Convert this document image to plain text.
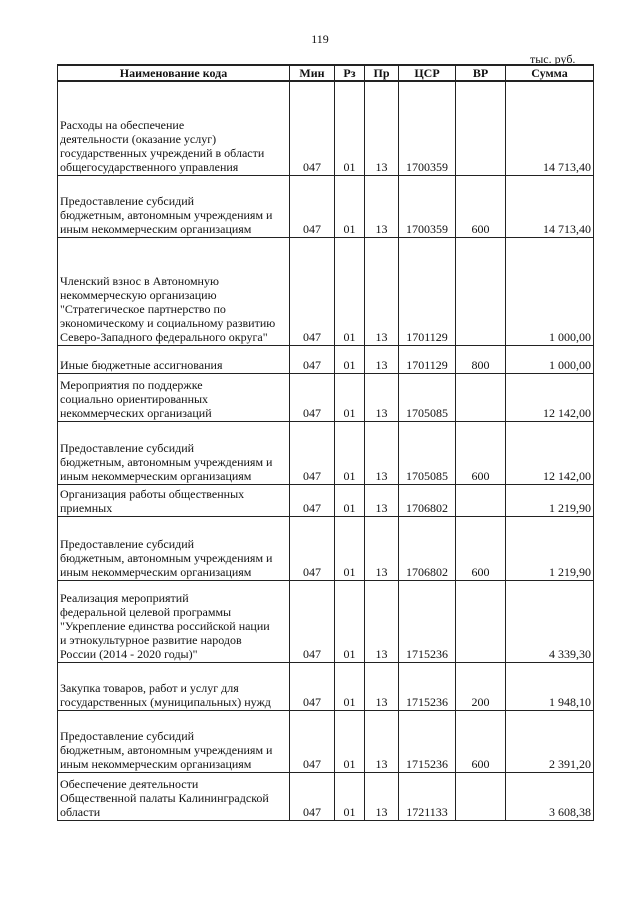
119
тыс. руб.
Наименование кода	Мин	Рз	Пр	ЦСР	ВР	Сумма
Расходы на обеспечение
деятельности (оказание услуг)
государственных учреждений в области
общегосударственного управления	047	01	13	1700359		14 713,40
Предоставление субсидий
бюджетным, автономным учреждениям и
иным некоммерческим организациям	047	01	13	1700359	600	14 713,40
Членский взнос в Автономную
некоммерческую организацию
"Стратегическое партнерство по
экономическому и социальному развитию
Северо-Западного федерального округа"	047	01	13	1701129		1 000,00
Иные бюджетные ассигнования	047	01	13	1701129	800	1 000,00
Мероприятия по поддержке
социально ориентированных
некоммерческих организаций	047	01	13	1705085		12 142,00
Предоставление субсидий
бюджетным, автономным учреждениям и
иным некоммерческим организациям	047	01	13	1705085	600	12 142,00
Организация работы общественных
приемных	047	01	13	1706802		1 219,90
Предоставление субсидий
бюджетным, автономным учреждениям и
иным некоммерческим организациям	047	01	13	1706802	600	1 219,90
Реализация мероприятий
федеральной целевой программы
"Укрепление единства российской нации
и этнокультурное развитие народов
России (2014 - 2020 годы)"	047	01	13	1715236		4 339,30
Закупка товаров, работ и услуг для
государственных (муниципальных) нужд	047	01	13	1715236	200	1 948,10
Предоставление субсидий
бюджетным, автономным учреждениям и
иным некоммерческим организациям	047	01	13	1715236	600	2 391,20
Обеспечение деятельности
Общественной палаты Калининградской
области	047	01	13	1721133		3 608,38
